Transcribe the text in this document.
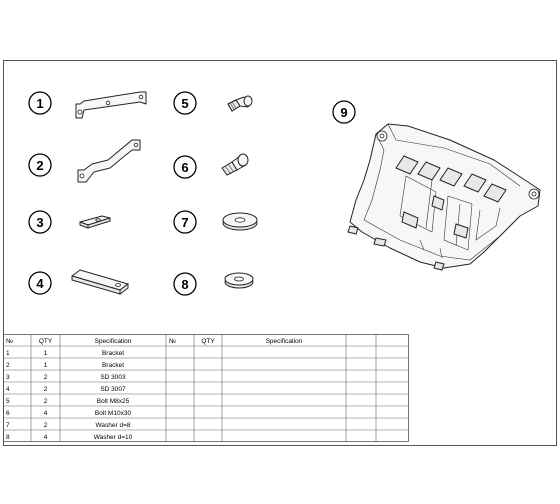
1
2
3
4
5
6
7
8
9
№	QTY	Specification	№	QTY	Specification
1	1	Bracket
2	1	Bracket
3	2	SD 3003
4	2	SD 3007
5	2	Bolt M8x25
6	4	Bolt M10x30
7	2	Washer d=8
8	4	Washer d=10
